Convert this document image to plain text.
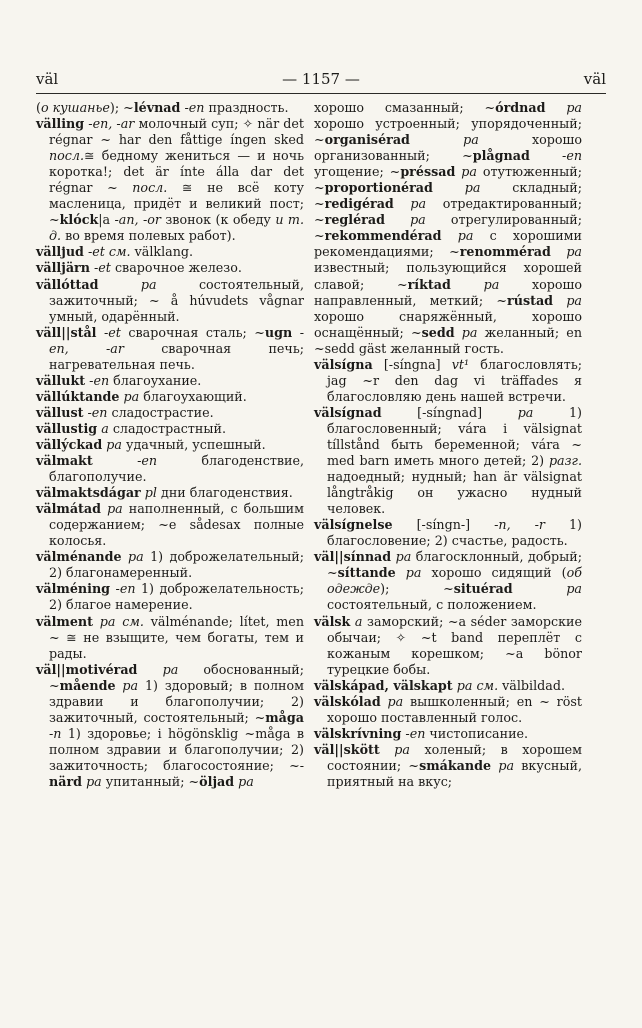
väl	— 1157 —	väl

(о кушанье); ~lévnad -en праздность.

välling -en, -ar молочный суп; ✧ när det régnar ~ har den fåttige íngen sked посл.≅ бедному жениться — и ночь коротка!; det är ínte álla dar det régnar ~ посл. ≅ не всё коту масленица, придёт и великий пост; ~klóck|a -an, -or звонок (к обеду и т. д. во время полевых работ).

vällјud -et см. välklang.

välljärn -et сварочное железо.

vällóttad	pa состоятельный, зажиточный; ~ å húvudets vågnar умный, одарённый.

väll||stål -et сварочная сталь; ~ugn -en, -ar сварочная печь; нагревательная печь.

vällukt -en благоухание.

vällúktande pa благоухающий.

vällust -en сладострастие.

vällustig a сладострастный.

vällýckad pa удачный, успешный.

välmakt	-en благоденствие, благополучие.

välmaktsdágar pl дни благоденствия.

välmátad pa наполненный, с большим содержанием; ~e sådesax полные колосья.

välménande pa 1) доброжелательный; 2) благонамеренный.

välméning -en 1) доброжелательность; 2) благое намерение.

välment pa см. välménande; lítet, men ~ ≅ не взыщите, чем богаты, тем и рады.

väl||motivérad pa обоснованный; ~mående pa 1) здоровый; в полном здравии и благополучии; 2) зажиточный, состоятельный; ~måga -n 1) здоровье; i högönsklig ~måga в полном здравии и благополучии; 2) зажиточность; благосостояние; ~-närd pa упитанный; ~öljad pa

хорошо смазанный; ~órdnad pa хорошо устроенный; упорядоченный; ~organisérad	pa хорошо организованный; ~plågnad	-en угощение; ~préssad pa отутюженный; ~proportionérad	pa складный; ~redigérad pa отредактированный; ~reglérad pa отрегулированный; ~rekommendérad pa с хорошими рекомендациями; ~renommérad pa известный; пользующийся хорошей славой; ~ríktad	pa хорошо направленный, меткий; ~rústad pa хорошо снаряжённый, хорошо оснащённый; ~sedd pa желанный; en ~sedd gäst желанный гость.

välsígna [-síngna] vt¹ благословлять; jag ~r den dag vi träffades я благословляю день нашей встречи.

välsígnad [-síngnad] pa 1) благословенный; vára i välsignat tíllstånd быть беременной; vára ~ med barn иметь много детей; 2) разг. надоедный; нудный; han är välsignat långtråkig он ужасно нудный человек.

välsígnelse [-síngn-] -n, -r 1) благословение; 2) счастье, радость.

väl||sínnad pa благосклонный, добрый; ~síttande pa хорошо сидящий (об одежде); ~situérad	pa состоятельный, с положением.

välsk a заморский; ~a séder заморские обычаи; ✧ ~t band переплёт с кожаным корешком; ~a bönor турецкие бобы.

välskápad, välskapt pa см. välbildad.

välskólad pa вышколенный; en ~ röst хорошо поставленный голос.

välskrívning -en чистописание.

väl||skött pa холеный; в хорошем состоянии; ~smákande pa вкусный, приятный на вкус;
